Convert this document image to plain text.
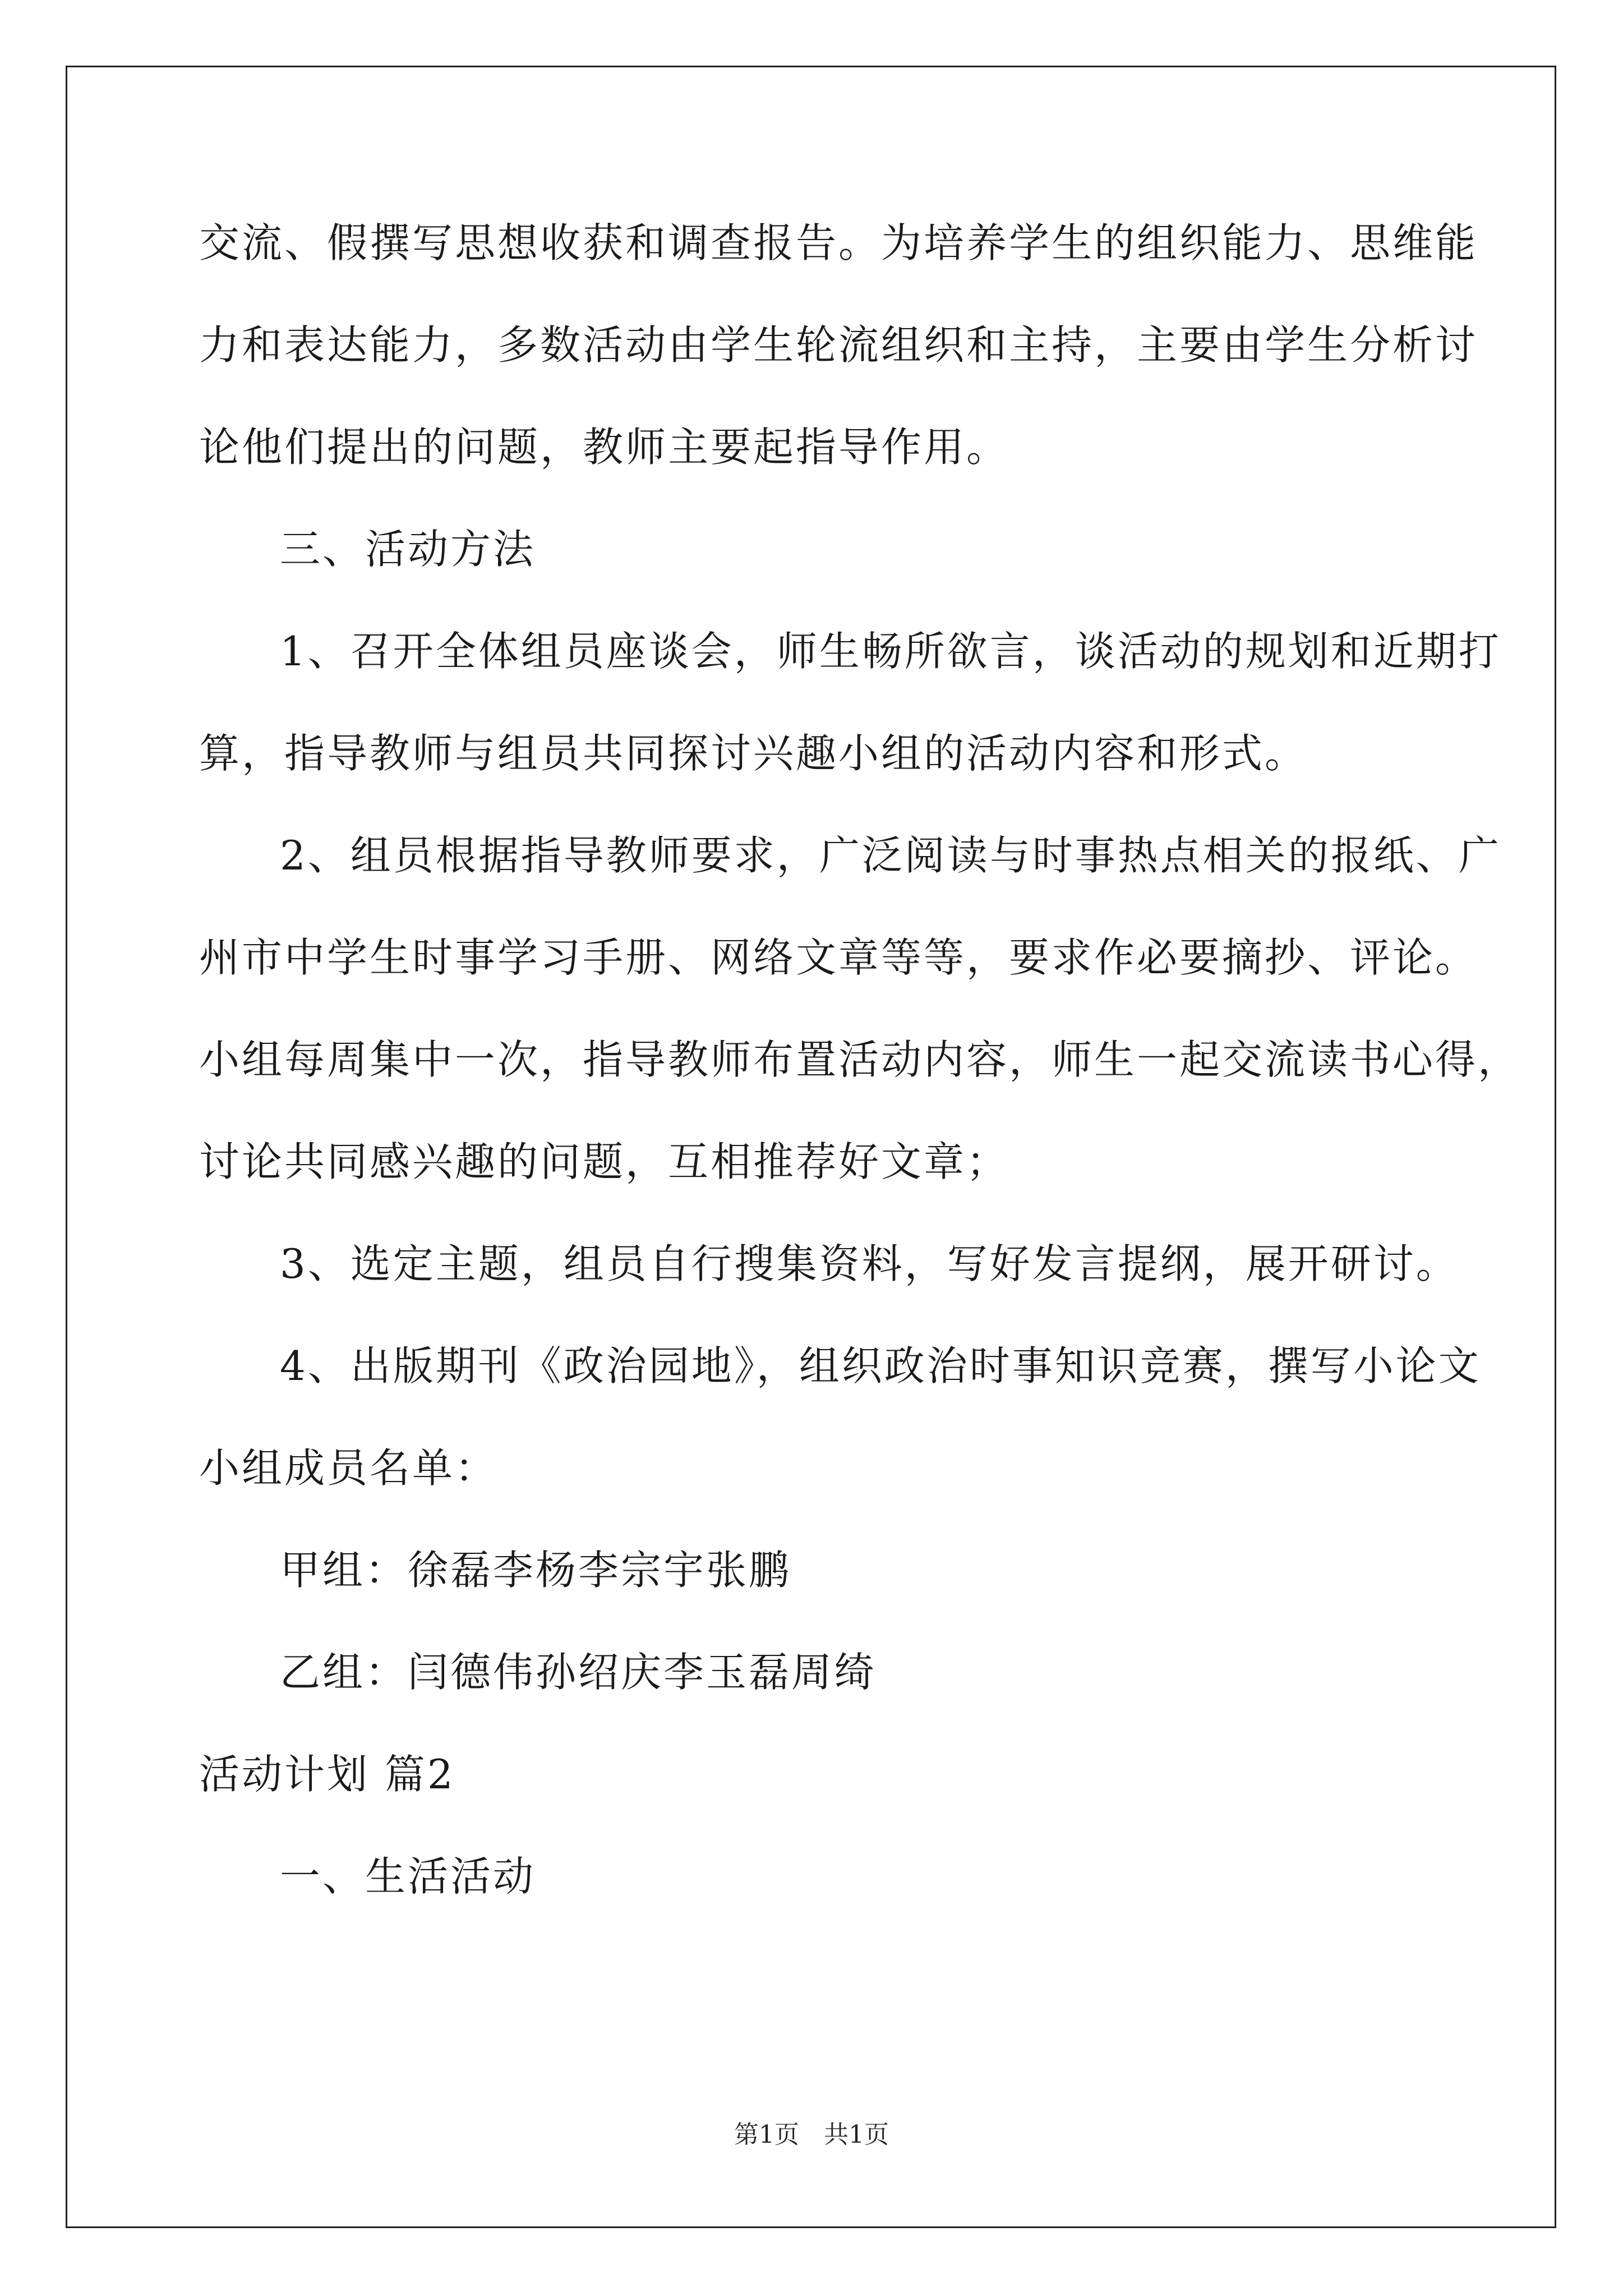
交流、假撰写思想收获和调查报告。为培养学生的组织能力、思维能
力和表达能力，多数活动由学生轮流组织和主持，主要由学生分析讨
论他们提出的问题，教师主要起指导作用。
三、活动方法
1、召开全体组员座谈会，师生畅所欲言，谈活动的规划和近期打
算，指导教师与组员共同探讨兴趣小组的活动内容和形式。
2、组员根据指导教师要求，广泛阅读与时事热点相关的报纸、广
州市中学生时事学习手册、网络文章等等，要求作必要摘抄、评论。
小组每周集中一次，指导教师布置活动内容，师生一起交流读书心得，
讨论共同感兴趣的问题，互相推荐好文章；
3、选定主题，组员自行搜集资料，写好发言提纲，展开研讨。
4、出版期刊《政治园地》，组织政治时事知识竞赛，撰写小论文
小组成员名单：
甲组：徐磊李杨李宗宇张鹏
乙组：闫德伟孙绍庆李玉磊周绮
活动计划 篇2
一、生活活动
第1页　共1页
